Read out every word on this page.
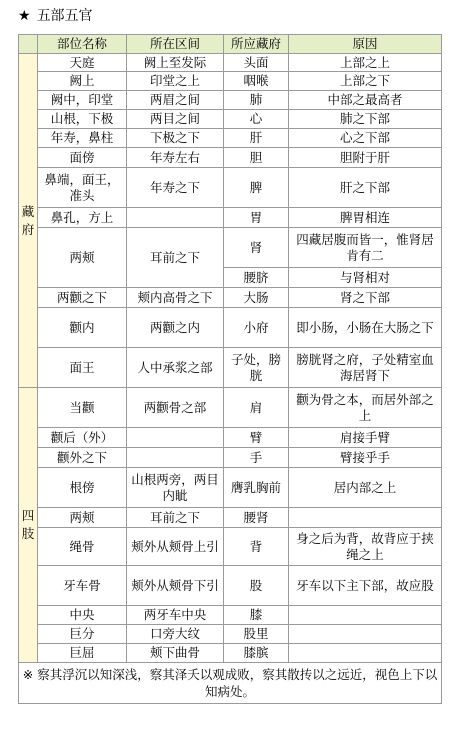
★ 五部五官
	部位名称	所在区间	所应藏府	原因

藏
府	天庭	阙上至发际	头面	上部之上
	阙上	印堂之上	咽喉	上部之下
	阙中，印堂	两眉之间	肺	中部之最高者
	山根，下极	两目之间	心	肺之下部
	年寿，鼻柱	下极之下	肝	心之下部
	面傍	年寿左右	胆	胆附于肝
	鼻端，面王，准头	年寿之下	脾	肝之下部
	鼻孔，方上		胃	脾胃相连
	两颊	耳前之下	肾	四藏居腹而皆一，惟肾居肯有二
			腰脐	与肾相对
	两颧之下	颊内高骨之下	大肠	肾之下部
	颧内	两颧之内	小府	即小肠，小肠在大肠之下
	面王	人中承浆之部	子处，膀胱	膀胱肾之府，子处精室血海居肾下

四
肢	当颧	两颧骨之部	肩	颧为骨之本，而居外部之上
	颧后（外）		臂	肩接手臂
	颧外之下		手	臂接乎手
	根傍	山根两旁，两目内眦	膺乳胸前	居内部之上
	两颊	耳前之下	腰肾	
	绳骨	颊外从颊骨上引	背	身之后为背，故背应于挟绳之上
	牙车骨	颊外从颊骨下引	股	牙车以下主下部，故应股
	中央	两牙车中央	膝	
	巨分	口旁大纹	股里	
	巨屈	颊下曲骨	膝膑	
※ 察其浮沉以知深浅，察其泽夭以观成败，察其散抟以之远近，视色上下以知病处。				
